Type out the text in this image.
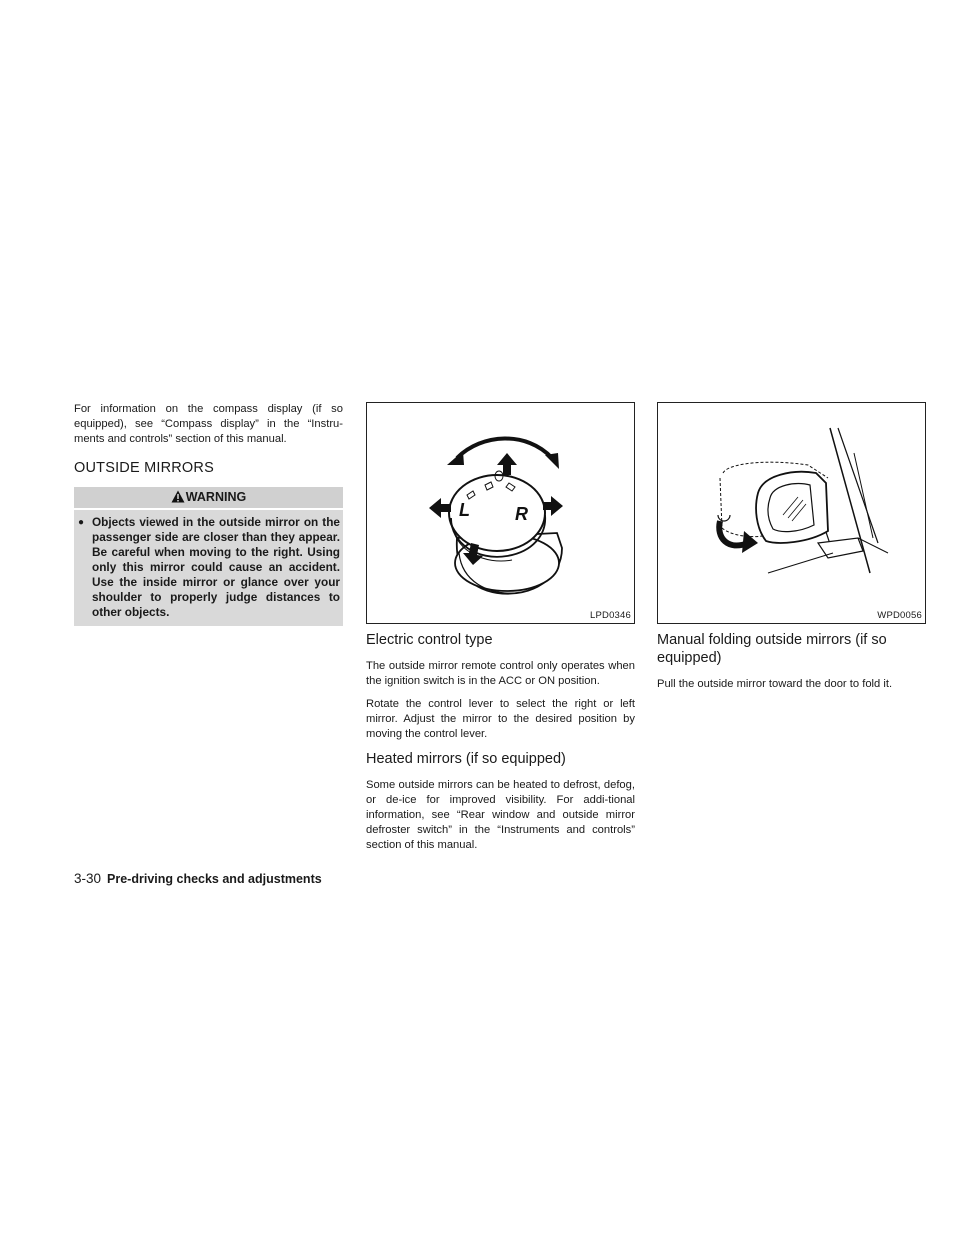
For information on the compass display (if so equipped), see “Compass display” in the “Instru-ments and controls” section of this manual.

OUTSIDE MIRRORS
WARNING
● Objects viewed in the outside mirror on the passenger side are closer than they appear. Be careful when moving to the right. Using only this mirror could cause an accident. Use the inside mirror or glance over your shoulder to properly judge distances to other objects.
L	R
LPD0346
Electric control type

The outside mirror remote control only operates when the ignition switch is in the ACC or ON position.

Rotate the control lever to select the right or left mirror. Adjust the mirror to the desired position by moving the control lever.

Heated mirrors (if so equipped)

Some outside mirrors can be heated to defrost, defog, or de-ice for improved visibility. For addi-tional information, see “Rear window and outside mirror defroster switch” in the “Instruments and controls” section of this manual.

WPD0056
Manual folding outside mirrors (if so equipped)

Pull the outside mirror toward the door to fold it.

3-30 Pre-driving checks and adjustments
